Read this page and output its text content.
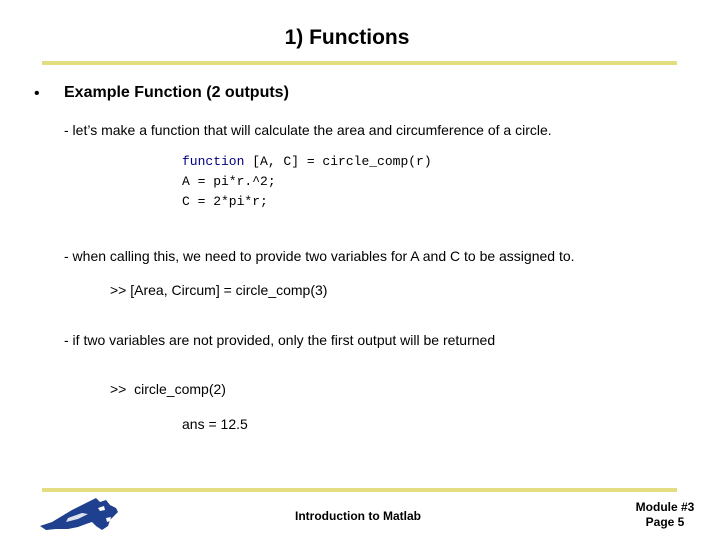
1) Functions
• Example Function (2 outputs)
- let’s make a function that will calculate the area and circumference of a circle.
function [A, C] = circle_comp(r)
A = pi*r.^2;
C = 2*pi*r;
- when calling this, we need to provide two variables for A and C to be assigned to.
>> [Area, Circum] = circle_comp(3)
- if two variables are not provided, only the first output will be returned
>>  circle_comp(2)
ans = 12.5
Introduction to Matlab
Module #3
Page 5
